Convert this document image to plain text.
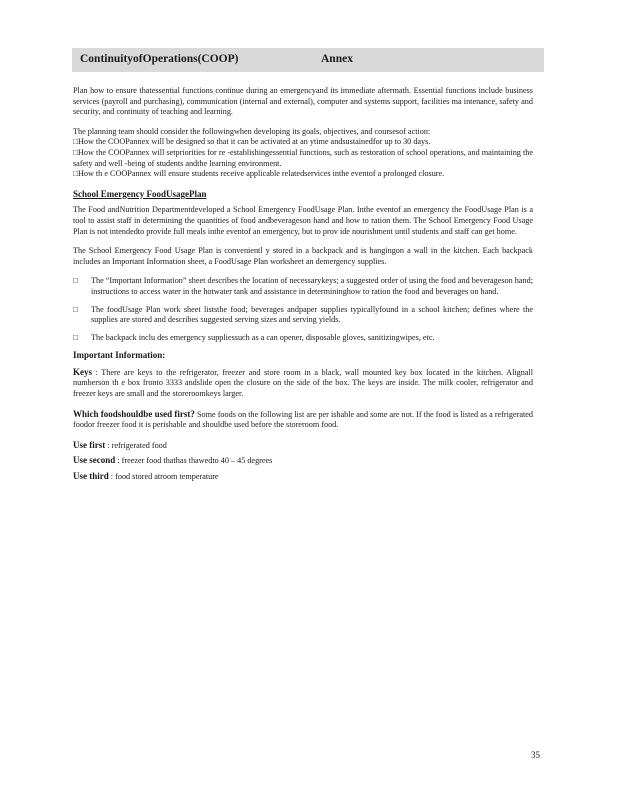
ContinuityofOperations(COOP)	Annex

Plan how to ensure thatessential functions continue during an emergencyand its immediate aftermath. Essential functions include business services (payroll and purchasing), communication (internal and external), computer and systems support, facilities ma intenance, safety and security, and continuity of teaching and learning.

The planning team should consider the followingwhen developing its goals, objectives, and coursesof action:

□How the COOPannex will be designed so that it can be activated at an ytime andsustainedfor up to 30 days.

□How the COOPannex will setpriorities for re -establishingessential functions, such as restoration of school operations, and maintaining the safety and well -being of students andthe learning environment.

□How th e COOPannex will ensure students receive applicable relatedservices inthe eventof a prolonged closure.

School Emergency FoodUsagePlan

The Food andNutrition Departmentdeveloped a School Emergency FoodUsage Plan. Inthe eventof an emergency the FoodUsage Plan is a tool to assist staff in determining the quantities of food andbeverageson hand and how to ration them. The School Emergency Food Usage Plan is not intendedto provide full meals inthe eventof an emergency, but to prov ide nourishment until students and staff can get home.

The School Emergency Food Usage Plan is convenientl y stored in a backpack and is hangingon a wall in the kitchen. Each backpack includes an Important Information sheet, a FoodUsage Plan worksheet an demergency supplies.

□	The “Important Information” sheet describes the location of necessarykeys; a suggested order of using the food and beverageson hand; instructions to access water in the hotwater tank and assistance in determininghow to ration the food and beverages on hand.
□	The foodUsage Plan work sheet liststhe food; beverages andpaper supplies typicallyfound in a school kitchen; defines where the supplies are stored and describes suggested serving sizes and serving yields.
□	The backpack inclu des emergency suppliessuch as a can opener, disposable gloves, sanitizingwipes, etc.

Important Information:

Keys : There are keys to the refrigerator, freezer and store room in a black, wall mounted key box located in the kitchen. Alignall numberson th e box fronto 3333 andslide open the closure on the side of the box. The keys are inside. The milk cooler, refrigerator and freezer keys are small and the storeroomkeys larger.

Which foodshouldbe used first? Some foods on the following list are per ishable and some are not. If the food is listed as a refrigerated foodor freezer food it is perishable and shouldbe used before the storeroom food.

Use first : refrigerated food

Use second : freezer food thathas thawedto 40 – 45 degrees

Use third : food stored atroom temperature

35
